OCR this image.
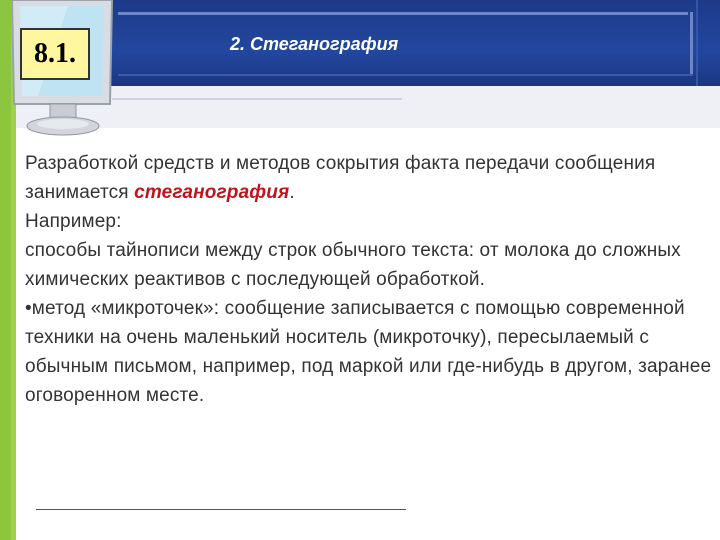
8.1.	2. Стеганография

Разработкой средств и методов сокрытия факта передачи сообщения занимается стеганография.

Например:

способы тайнописи между строк обычного текста: от молока до сложных химических реактивов с последующей обработкой.

•метод «микроточек»: сообщение записывается с помощью современной техники на очень маленький носитель (микроточку), пересылаемый с обычным письмом, например, под маркой или где-нибудь в другом, заранее оговоренном месте.
